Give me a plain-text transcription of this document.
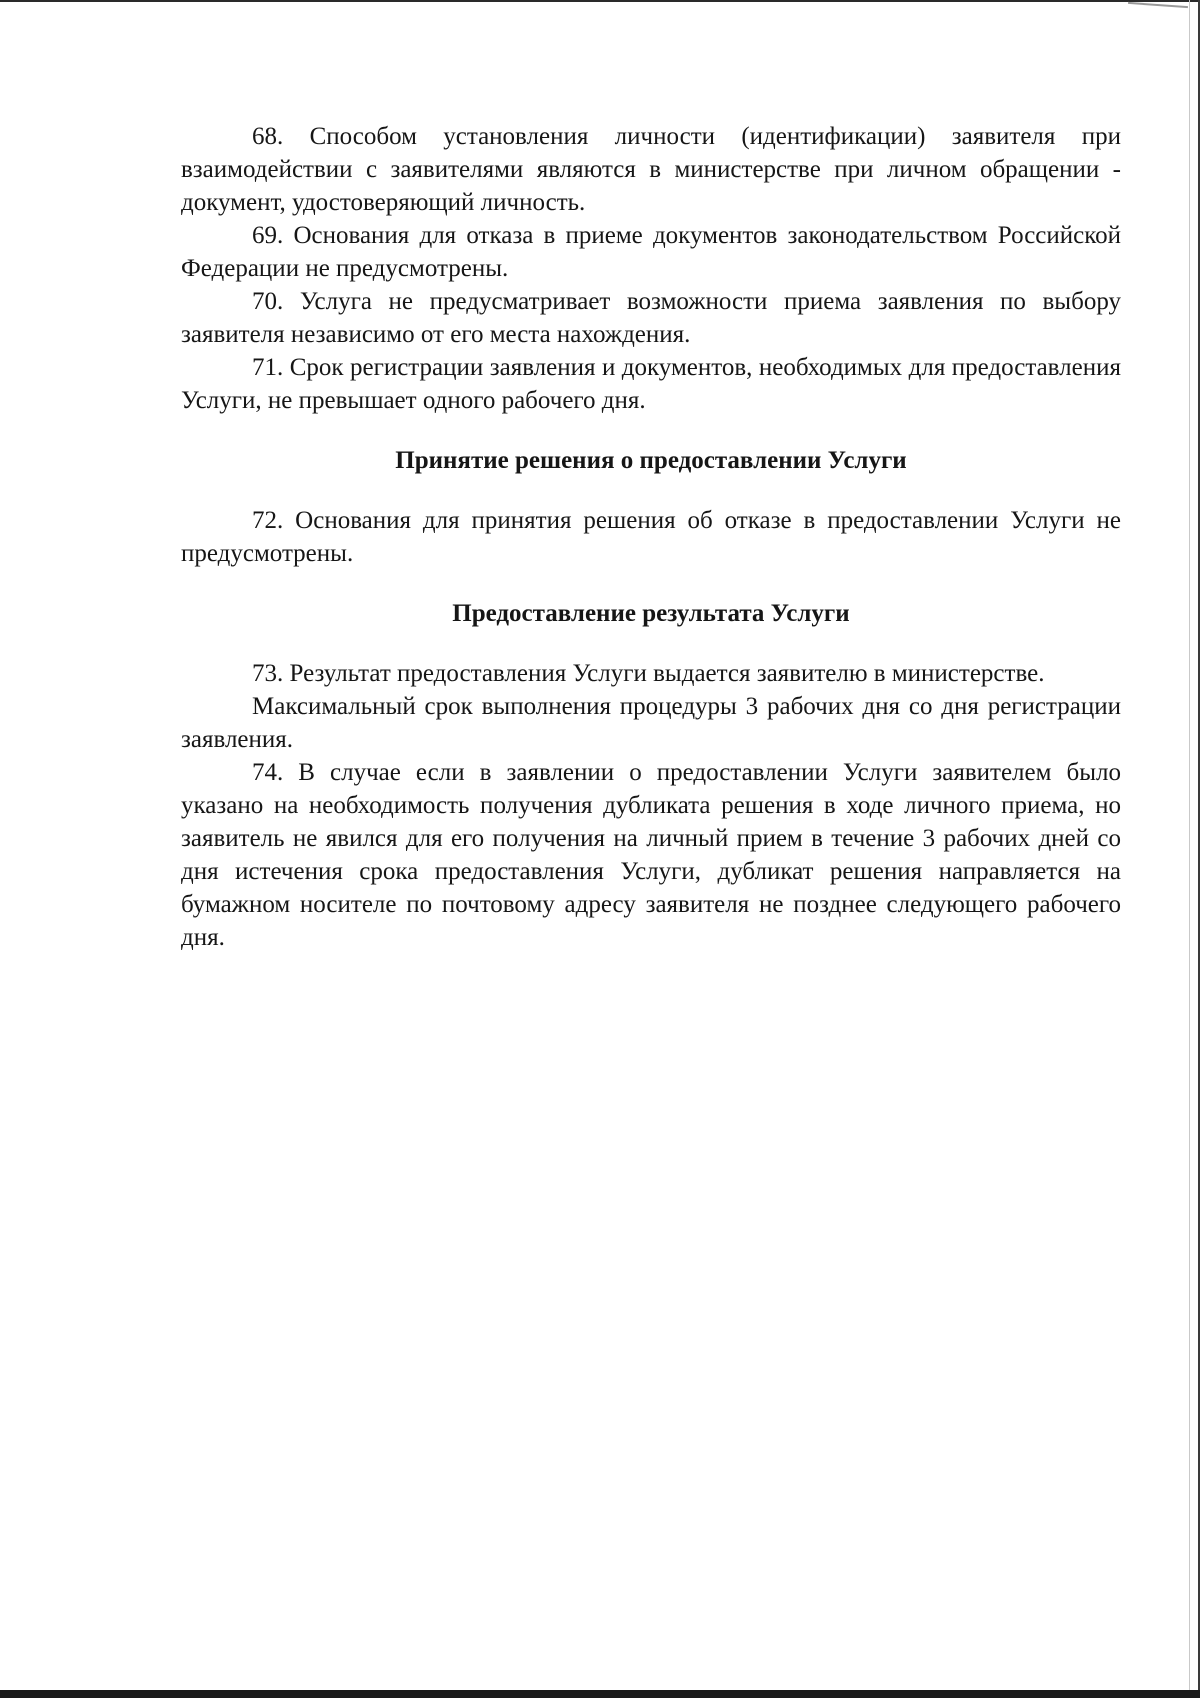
68. Способом установления личности (идентификации) заявителя при взаимодействии с заявителями являются в министерстве при личном обращении - документ, удостоверяющий личность.

69. Основания для отказа в приеме документов законодательством Российской Федерации не предусмотрены.

70. Услуга не предусматривает возможности приема заявления по выбору заявителя независимо от его места нахождения.

71. Срок регистрации заявления и документов, необходимых для предоставления Услуги, не превышает одного рабочего дня.

Принятие решения о предоставлении Услуги

72. Основания для принятия решения об отказе в предоставлении Услуги не предусмотрены.

Предоставление результата Услуги

73. Результат предоставления Услуги выдается заявителю в министерстве.

Максимальный срок выполнения процедуры 3 рабочих дня со дня регистрации заявления.

74. В случае если в заявлении о предоставлении Услуги заявителем было указано на необходимость получения дубликата решения в ходе личного приема, но заявитель не явился для его получения на личный прием в течение 3 рабочих дней со дня истечения срока предоставления Услуги, дубликат решения направляется на бумажном носителе по почтовому адресу заявителя не позднее следующего рабочего дня.
